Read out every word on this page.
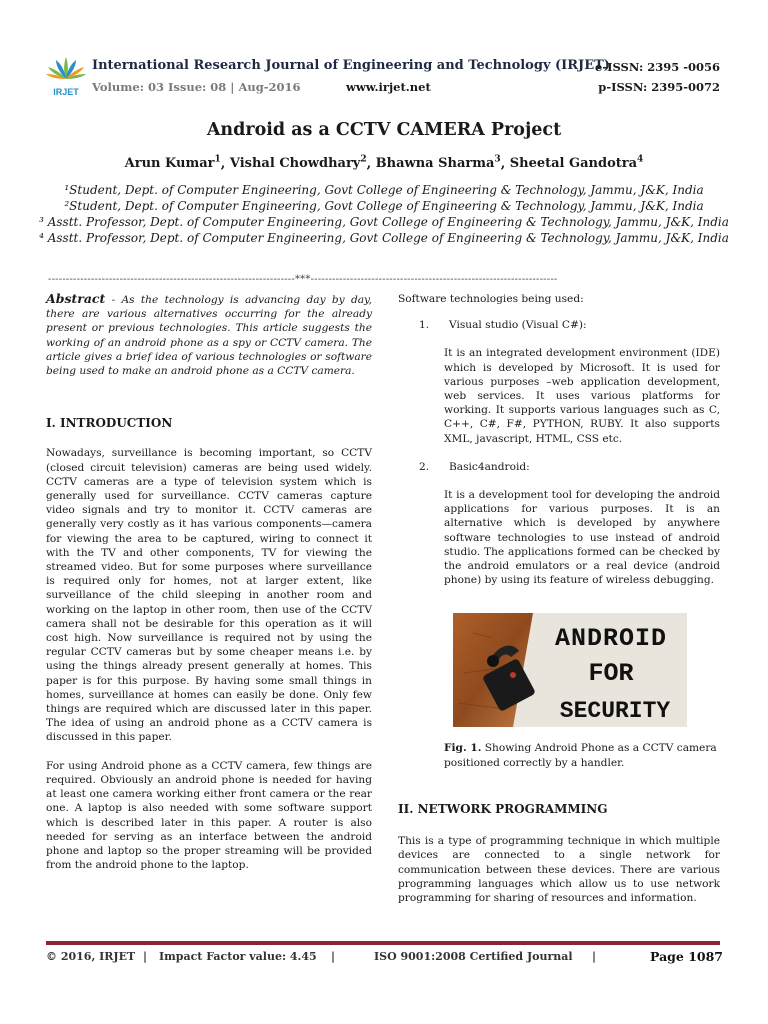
IRJET
International Research Journal of Engineering and Technology (IRJET)
e-ISSN: 2395 -0056
Volume: 03 Issue: 08 | Aug-2016	www.irjet.net	p-ISSN: 2395-0072
Android as a CCTV CAMERA Project
Arun Kumar$^1$, Vishal Chowdhary$^2$, Bhawna Sharma$^3$, Sheetal Gandotra$^4$
¹Student, Dept. of Computer Engineering, Govt College of Engineering & Technology, Jammu, J&K, India
²Student, Dept. of Computer Engineering, Govt College of Engineering & Technology, Jammu, J&K, India
³ Asstt. Professor, Dept. of Computer Engineering, Govt College of Engineering & Technology, Jammu, J&K, India
⁴ Asstt. Professor, Dept. of Computer Engineering, Govt College of Engineering & Technology, Jammu, J&K, India
---------------------------------------------------------------------***---------------------------------------------------------------------
Abstract - As the technology is advancing day by day, there are various alternatives occurring for the already present or previous technologies. This article suggests the working of an android phone as a spy or CCTV camera. The article gives a brief idea of various technologies or software being used to make an android phone as a CCTV camera.
I. INTRODUCTION

Nowadays, surveillance is becoming important, so CCTV (closed circuit television) cameras are being used widely. CCTV cameras are a type of television system which is generally used for surveillance. CCTV cameras capture video signals and try to monitor it. CCTV cameras are generally very costly as it has various components—camera for viewing the area to be captured, wiring to connect it with the TV and other components, TV for viewing the streamed video. But for some purposes where surveillance is required only for homes, not at larger extent, like surveillance of the child sleeping in another room and working on the laptop in other room, then use of the CCTV camera shall not be desirable for this operation as it will cost high. Now surveillance is required not by using the regular CCTV cameras but by some cheaper means i.e. by using the things already present generally at homes. This paper is for this purpose. By having some small things in homes, surveillance at homes can easily be done. Only few things are required which are discussed later in this paper. The idea of using an android phone as a CCTV camera is discussed in this paper.

For using Android phone as a CCTV camera, few things are required. Obviously an android phone is needed for having at least one camera working either front camera or the rear one. A laptop is also needed with some software support which is described later in this paper. A router is also needed for serving as an interface between the android phone and laptop so the proper streaming will be provided from the android phone to the laptop.

Software technologies being used:

1.	Visual studio (Visual C#):

It is an integrated development environment (IDE) which is developed by Microsoft. It is used for various purposes –web application development, web services. It uses various platforms for working. It supports various languages such as C, C++, C#, F#, PYTHON, RUBY. It also supports XML, javascript, HTML, CSS etc.

2.	Basic4android:

It is a development tool for developing the android applications for various purposes. It is an alternative which is developed by anywhere software technologies to use instead of android studio. The applications formed can be checked by the android emulators or a real device (android phone) by using its feature of wireless debugging.

ANDROID
FOR
SECURITY
Fig. 1. Showing Android Phone as a CCTV camera positioned correctly by a handler.
II. NETWORK PROGRAMMING

This is a type of programming technique in which multiple devices are connected to a single network for communication between these devices. There are various programming languages which allow us to use network programming for sharing of resources and information.

© 2016, IRJET | Impact Factor value: 4.45 |	ISO 9001:2008 Certified Journal |	Page 1087
